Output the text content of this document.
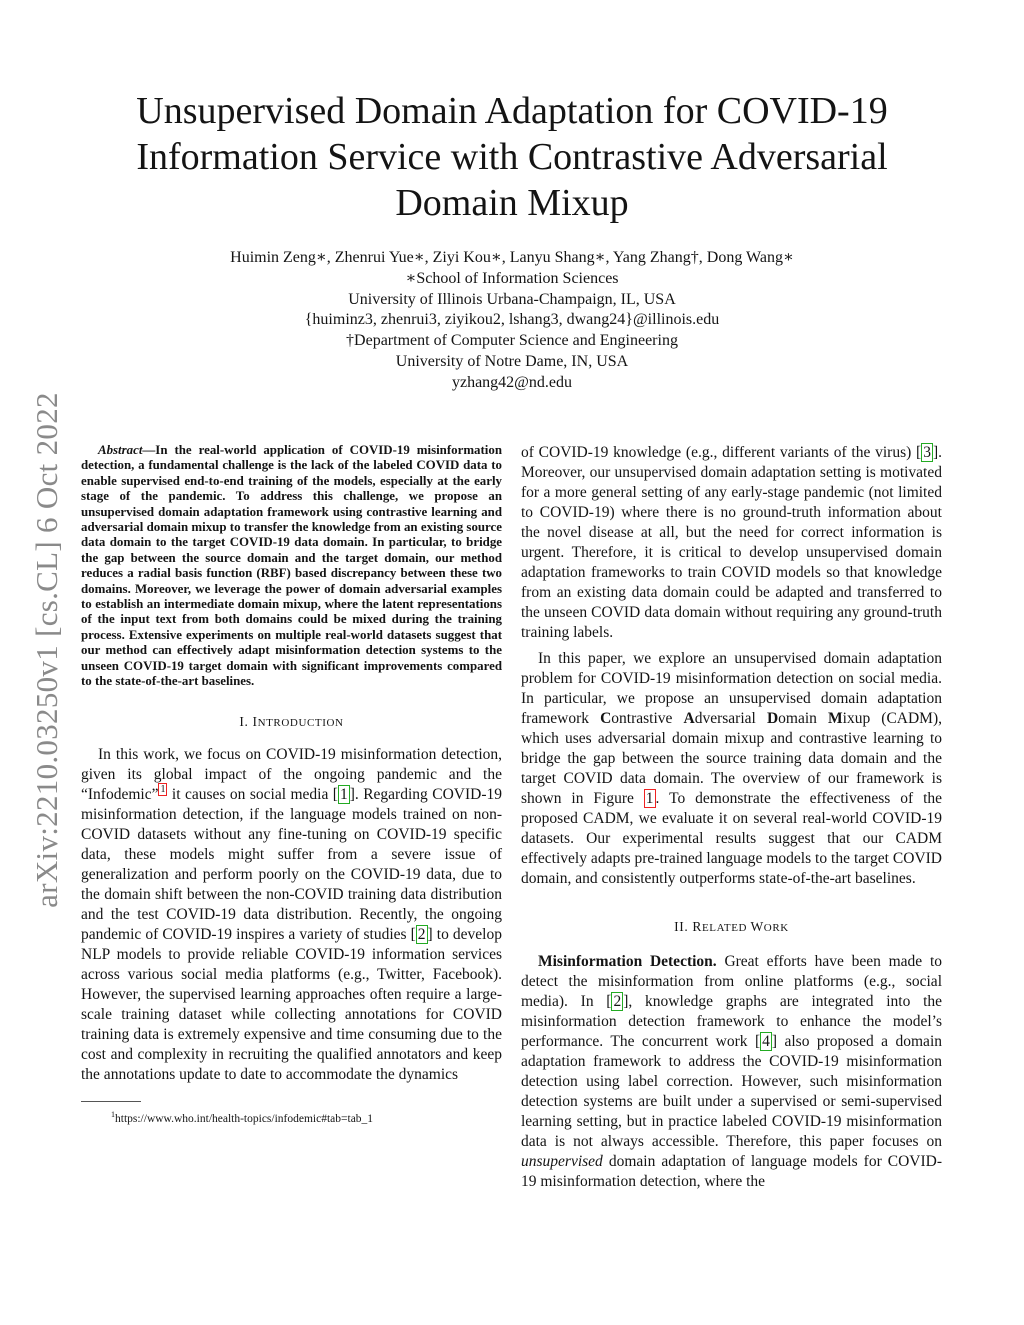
arXiv:2210.03250v1 [cs.CL] 6 Oct 2022
Unsupervised Domain Adaptation for COVID-19
Information Service with Contrastive Adversarial
Domain Mixup
Huimin Zeng∗, Zhenrui Yue∗, Ziyi Kou∗, Lanyu Shang∗, Yang Zhang†, Dong Wang∗
∗School of Information Sciences
University of Illinois Urbana-Champaign, IL, USA
{huiminz3, zhenrui3, ziyikou2, lshang3, dwang24}@illinois.edu
†Department of Computer Science and Engineering
University of Notre Dame, IN, USA
yzhang42@nd.edu

Abstract—In the real-world application of COVID-19 misinformation detection, a fundamental challenge is the lack of the labeled COVID data to enable supervised end-to-end training of the models, especially at the early stage of the pandemic. To address this challenge, we propose an unsupervised domain adaptation framework using contrastive learning and adversarial domain mixup to transfer the knowledge from an existing source data domain to the target COVID-19 data domain. In particular, to bridge the gap between the source domain and the target domain, our method reduces a radial basis function (RBF) based discrepancy between these two domains. Moreover, we leverage the power of domain adversarial examples to establish an intermediate domain mixup, where the latent representations of the input text from both domains could be mixed during the training process. Extensive experiments on multiple real-world datasets suggest that our method can effectively adapt misinformation detection systems to the unseen COVID-19 target domain with significant improvements compared to the state-of-the-art baselines.

I. INTRODUCTION

In this work, we focus on COVID-19 misinformation detection, given its global impact of the ongoing pandemic and the “Infodemic” $^1$ it causes on social media [ 1 ]. Regarding COVID-19 misinformation detection, if the language models trained on non-COVID datasets without any fine-tuning on COVID-19 specific data, these models might suffer from a severe issue of generalization and perform poorly on the COVID-19 data, due to the domain shift between the non-COVID training data distribution and the test COVID-19 data distribution. Recently, the ongoing pandemic of COVID-19 inspires a variety of studies [ 2 ] to develop NLP models to provide reliable COVID-19 information services across various social media platforms (e.g., Twitter, Facebook). However, the supervised learning approaches often require a large-scale training dataset while collecting annotations for COVID training data is extremely expensive and time consuming due to the cost and complexity in recruiting the qualified annotators and keep the annotations update to date to accommodate the dynamics

$^1$https://www.who.int/health-topics/infodemic#tab=tab_1

of COVID-19 knowledge (e.g., different variants of the virus) [ 3 ]. Moreover, our unsupervised domain adaptation setting is motivated for a more general setting of any early-stage pandemic (not limited to COVID-19) where there is no ground-truth information about the novel disease at all, but the need for correct information is urgent. Therefore, it is critical to develop unsupervised domain adaptation frameworks to train COVID models so that knowledge from an existing data domain could be adapted and transferred to the unseen COVID data domain without requiring any ground-truth training labels.

In this paper, we explore an unsupervised domain adaptation problem for COVID-19 misinformation detection on social media. In particular, we propose an unsupervised domain adaptation framework Contrastive Adversarial Domain Mixup (CADM), which uses adversarial domain mixup and contrastive learning to bridge the gap between the source training data domain and the target COVID data domain. The overview of our framework is shown in Figure 1 . To demonstrate the effectiveness of the proposed CADM, we evaluate it on several real-world COVID-19 datasets. Our experimental results suggest that our CADM effectively adapts pre-trained language models to the target COVID domain, and consistently outperforms state-of-the-art baselines.

II. RELATED WORK

Misinformation Detection. Great efforts have been made to detect the misinformation from online platforms (e.g., social media). In [ 2 ], knowledge graphs are integrated into the misinformation detection framework to enhance the model’s performance. The concurrent work [ 4 ] also proposed a domain adaptation framework to address the COVID-19 misinformation detection using label correction. However, such misinformation detection systems are built under a supervised or semi-supervised learning setting, but in practice labeled COVID-19 misinformation data is not always accessible. Therefore, this paper focuses on unsupervised domain adaptation of language models for COVID-19 misinformation detection, where the
